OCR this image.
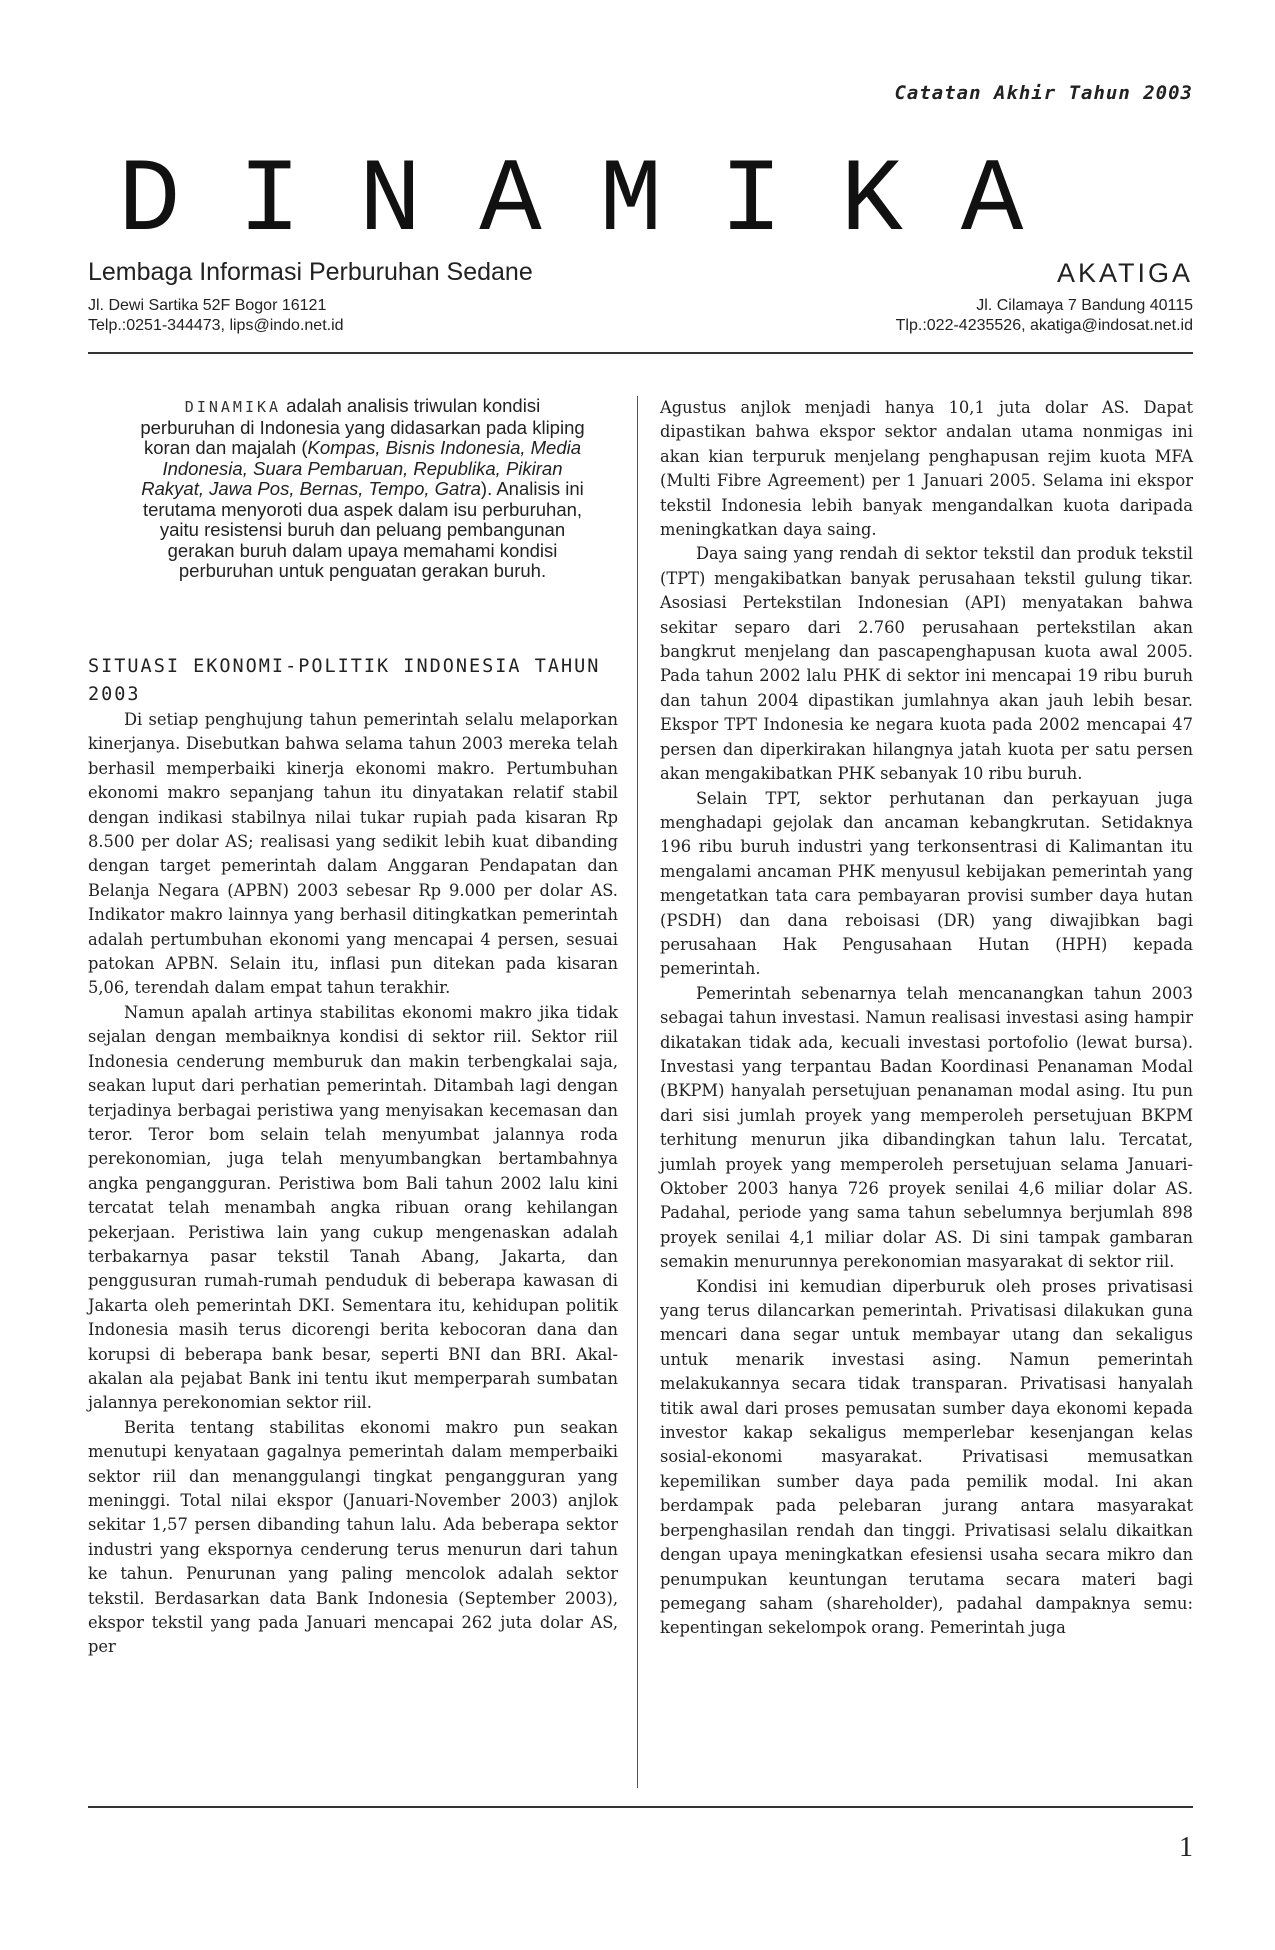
Catatan Akhir Tahun 2003
DINAMIKA
Lembaga Informasi Perburuhan Sedane	AKATIGA
Jl. Dewi Sartika 52F Bogor 16121
Telp.:0251-344473, lips@indo.net.id
Jl. Cilamaya 7 Bandung 40115
Tlp.:022-4235526, akatiga@indosat.net.id
DINAMIKA adalah analisis triwulan kondisi perburuhan di Indonesia yang didasarkan pada kliping koran dan majalah (Kompas, Bisnis Indonesia, Media Indonesia, Suara Pembaruan, Republika, Pikiran Rakyat, Jawa Pos, Bernas, Tempo, Gatra). Analisis ini terutama menyoroti dua aspek dalam isu perburuhan, yaitu resistensi buruh dan peluang pembangunan gerakan buruh dalam upaya memahami kondisi perburuhan untuk penguatan gerakan buruh.
SITUASI EKONOMI-POLITIK INDONESIA TAHUN 2003

Di setiap penghujung tahun pemerintah selalu melaporkan kinerjanya. Disebutkan bahwa selama tahun 2003 mereka telah berhasil memperbaiki kinerja ekonomi makro. Pertumbuhan ekonomi makro sepanjang tahun itu dinyatakan relatif stabil dengan indikasi stabilnya nilai tukar rupiah pada kisaran Rp 8.500 per dolar AS; realisasi yang sedikit lebih kuat dibanding dengan target pemerintah dalam Anggaran Pendapatan dan Belanja Negara (APBN) 2003 sebesar Rp 9.000 per dolar AS. Indikator makro lainnya yang berhasil ditingkatkan pemerintah adalah pertumbuhan ekonomi yang mencapai 4 persen, sesuai patokan APBN. Selain itu, inflasi pun ditekan pada kisaran 5,06, terendah dalam empat tahun terakhir.

Namun apalah artinya stabilitas ekonomi makro jika tidak sejalan dengan membaiknya kondisi di sektor riil. Sektor riil Indonesia cenderung memburuk dan makin terbengkalai saja, seakan luput dari perhatian pemerintah. Ditambah lagi dengan terjadinya berbagai peristiwa yang menyisakan kecemasan dan teror. Teror bom selain telah menyumbat jalannya roda perekonomian, juga telah menyumbangkan bertambahnya angka pengangguran. Peristiwa bom Bali tahun 2002 lalu kini tercatat telah menambah angka ribuan orang kehilangan pekerjaan. Peristiwa lain yang cukup mengenaskan adalah terbakarnya pasar tekstil Tanah Abang, Jakarta, dan penggusuran rumah-rumah penduduk di beberapa kawasan di Jakarta oleh pemerintah DKI. Sementara itu, kehidupan politik Indonesia masih terus dicorengi berita kebocoran dana dan korupsi di beberapa bank besar, seperti BNI dan BRI. Akal-akalan ala pejabat Bank ini tentu ikut memperparah sumbatan jalannya perekonomian sektor riil.

Berita tentang stabilitas ekonomi makro pun seakan menutupi kenyataan gagalnya pemerintah dalam memperbaiki sektor riil dan menanggulangi tingkat pengangguran yang meninggi. Total nilai ekspor (Januari-November 2003) anjlok sekitar 1,57 persen dibanding tahun lalu. Ada beberapa sektor industri yang ekspornya cenderung terus menurun dari tahun ke tahun. Penurunan yang paling mencolok adalah sektor tekstil. Berdasarkan data Bank Indonesia (September 2003), ekspor tekstil yang pada Januari mencapai 262 juta dolar AS, per

Agustus anjlok menjadi hanya 10,1 juta dolar AS. Dapat dipastikan bahwa ekspor sektor andalan utama nonmigas ini akan kian terpuruk menjelang penghapusan rejim kuota MFA (Multi Fibre Agreement) per 1 Januari 2005. Selama ini ekspor tekstil Indonesia lebih banyak mengandalkan kuota daripada meningkatkan daya saing.

Daya saing yang rendah di sektor tekstil dan produk tekstil (TPT) mengakibatkan banyak perusahaan tekstil gulung tikar. Asosiasi Pertekstilan Indonesian (API) menyatakan bahwa sekitar separo dari 2.760 perusahaan pertekstilan akan bangkrut menjelang dan pascapenghapusan kuota awal 2005. Pada tahun 2002 lalu PHK di sektor ini mencapai 19 ribu buruh dan tahun 2004 dipastikan jumlahnya akan jauh lebih besar. Ekspor TPT Indonesia ke negara kuota pada 2002 mencapai 47 persen dan diperkirakan hilangnya jatah kuota per satu persen akan mengakibatkan PHK sebanyak 10 ribu buruh.

Selain TPT, sektor perhutanan dan perkayuan juga menghadapi gejolak dan ancaman kebangkrutan. Setidaknya 196 ribu buruh industri yang terkonsentrasi di Kalimantan itu mengalami ancaman PHK menyusul kebijakan pemerintah yang mengetatkan tata cara pembayaran provisi sumber daya hutan (PSDH) dan dana reboisasi (DR) yang diwajibkan bagi perusahaan Hak Pengusahaan Hutan (HPH) kepada pemerintah.

Pemerintah sebenarnya telah mencanangkan tahun 2003 sebagai tahun investasi. Namun realisasi investasi asing hampir dikatakan tidak ada, kecuali investasi portofolio (lewat bursa). Investasi yang terpantau Badan Koordinasi Penanaman Modal (BKPM) hanyalah persetujuan penanaman modal asing. Itu pun dari sisi jumlah proyek yang memperoleh persetujuan BKPM terhitung menurun jika dibandingkan tahun lalu. Tercatat, jumlah proyek yang memperoleh persetujuan selama Januari-Oktober 2003 hanya 726 proyek senilai 4,6 miliar dolar AS. Padahal, periode yang sama tahun sebelumnya berjumlah 898 proyek senilai 4,1 miliar dolar AS. Di sini tampak gambaran semakin menurunnya perekonomian masyarakat di sektor riil.

Kondisi ini kemudian diperburuk oleh proses privatisasi yang terus dilancarkan pemerintah. Privatisasi dilakukan guna mencari dana segar untuk membayar utang dan sekaligus untuk menarik investasi asing. Namun pemerintah melakukannya secara tidak transparan. Privatisasi hanyalah titik awal dari proses pemusatan sumber daya ekonomi kepada investor kakap sekaligus memperlebar kesenjangan kelas sosial-ekonomi masyarakat. Privatisasi memusatkan kepemilikan sumber daya pada pemilik modal. Ini akan berdampak pada pelebaran jurang antara masyarakat berpenghasilan rendah dan tinggi. Privatisasi selalu dikaitkan dengan upaya meningkatkan efesiensi usaha secara mikro dan penumpukan keuntungan terutama secara materi bagi pemegang saham (shareholder), padahal dampaknya semu: kepentingan sekelompok orang. Pemerintah juga

1
